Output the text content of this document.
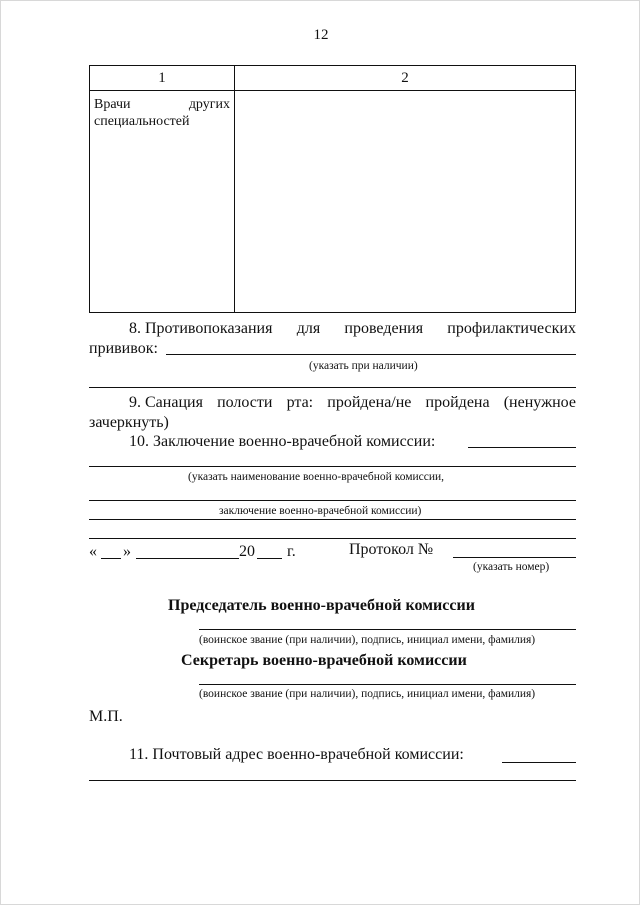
12
1	2

Врачи других
специальностей	

8. Противопоказания для проведения профилактических
прививок:
(указать при наличии)
9. Санация полости рта: пройдена/не пройдена (ненужное
зачеркнуть)
10. Заключение военно-врачебной комиссии:
(указать наименование военно-врачебной комиссии,
заключение военно-врачебной комиссии)
« »	20 г.	Протокол №
(указать номер)
Председатель военно-врачебной комиссии
(воинское звание (при наличии), подпись, инициал имени, фамилия)
Секретарь военно-врачебной комиссии
(воинское звание (при наличии), подпись, инициал имени, фамилия)
М.П.
11. Почтовый адрес военно-врачебной комиссии:
